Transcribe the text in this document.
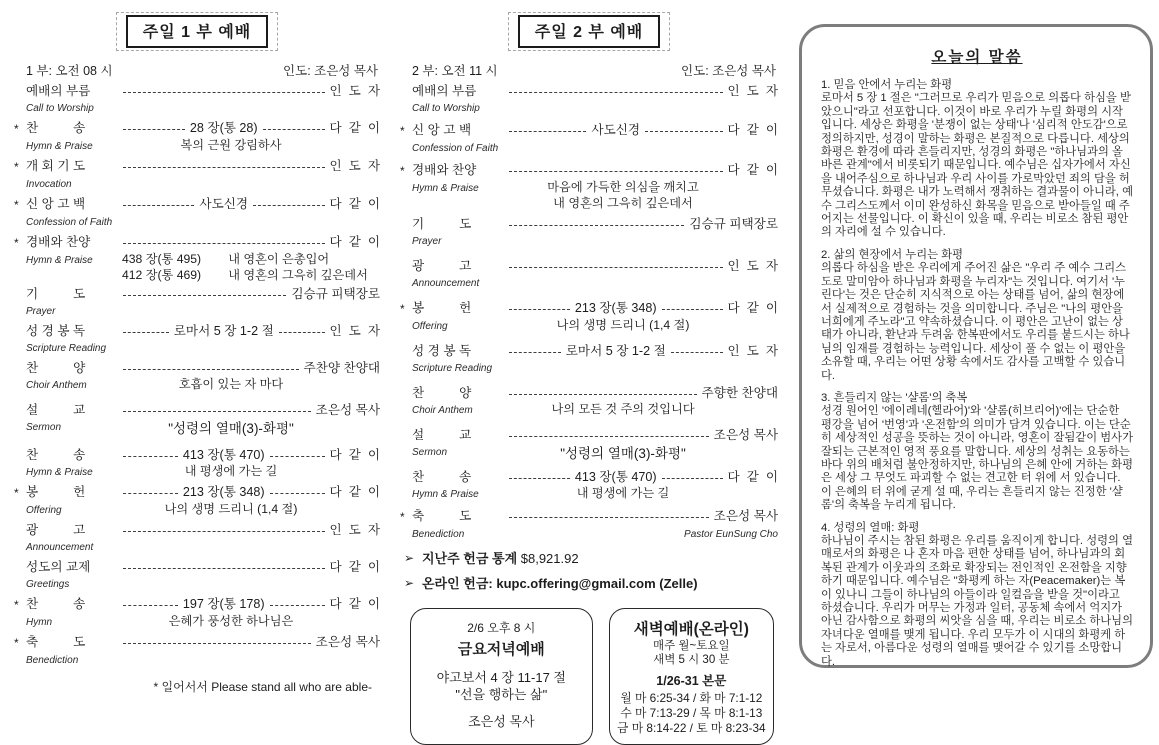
주일 1 부 예배
1 부: 오전 08 시	인도: 조은성 목사
예배의 부름	인  도  자
Call to Worship
* 찬          송	28 장(통 28)	다  같  이
Hymn & Praise	복의 근원 강림하사
* 개 회 기 도	인  도  자
Invocation
* 신 앙 고 백	사도신경	다  같  이
Confession of Faith
* 경배와 찬양	다  같  이
Hymn & Praise	438 장(통 495)        내 영혼이 은총입어
412 장(통 469)        내 영혼의 그윽히 깊은데서
기          도	김승규 피택장로
Prayer
성 경 봉 독	로마서 5 장 1-2 절	인  도  자
Scripture Reading
찬          양	주찬양 찬양대
Choir Anthem	호흡이 있는 자 마다
설          교	조은성 목사
Sermon	"성령의 열매(3)-화평"
찬          송	413 장(통 470)	다  같  이
Hymn & Praise	내 평생에 가는 길
* 봉          헌	213 장(통 348)	다  같  이
Offering	나의 생명 드리니 (1,4 절)
광          고	인  도  자
Announcement
성도의 교제	다  같  이
Greetings
* 찬          송	197 장(통 178)	다  같  이
Hymn	은혜가 풍성한 하나님은
* 축          도	조은성 목사
Benediction
* 일어서서 Please stand all who are able-
주일 2 부 예배
2 부: 오전 11 시	인도: 조은성 목사
예배의 부름	인  도  자
Call to Worship
* 신 앙 고 백	사도신경	다  같  이
Confession of Faith
* 경배와 찬양	다  같  이
Hymn & Praise	마음에 가득한 의심을 깨치고
내 영혼의 그윽히 깊은데서
기          도	김승규 피택장로
Prayer
광          고	인  도  자
Announcement
* 봉          헌	213 장(통 348)	다  같  이
Offering	나의 생명 드리니 (1,4 절)
성 경 봉 독	로마서 5 장 1-2 절	인  도  자
Scripture Reading
찬          양	주향한 찬양대
Choir Anthem	나의 모든 것 주의 것입니다
설          교	조은성 목사
Sermon	"성령의 열매(3)-화평"
찬          송	413 장(통 470)	다  같  이
Hymn & Praise	내 평생에 가는 길
* 축          도	조은성 목사
Benediction	Pastor EunSung Cho
➢ 지난주 헌금 통계 $8,921.92
➢ 온라인 헌금: kupc.offering@gmail.com (Zelle)
2/6 오후 8 시
금요저녁예배
야고보서 4 장 11-17 절
"선을 행하는 삶"
조은성 목사
새벽예배(온라인)
매주 월~토요일
새벽 5 시 30 분
1/26-31 본문
월 마 6:25-34 / 화 마 7:1-12
수 마 7:13-29 / 목 마 8:1-13
금 마 8:14-22 / 토 마 8:23-34
오늘의 말씀
1. 믿음 안에서 누리는 화평
로마서 5 장 1 절은 "그러므로 우리가 믿음으로 의롭다 하심을 받았으니"라고 선포합니다. 이것이 바로 우리가 누릴 화평의 시작입니다. 세상은 화평을 '분쟁이 없는 상태'나 '심리적 안도감'으로 정의하지만, 성경이 말하는 화평은 본질적으로 다릅니다. 세상의 화평은 환경에 따라 흔들리지만, 성경의 화평은 "하나님과의 올바른 관계"에서 비롯되기 때문입니다. 예수님은 십자가에서 자신을 내어주심으로 하나님과 우리 사이를 가로막았던 죄의 담을 허무셨습니다. 화평은 내가 노력해서 쟁취하는 결과물이 아니라, 예수 그리스도께서 이미 완성하신 화목을 믿음으로 받아들일 때 주어지는 선물입니다. 이 확신이 있을 때, 우리는 비로소 참된 평안의 자리에 설 수 있습니다.
2. 삶의 현장에서 누리는 화평
의롭다 하심을 받은 우리에게 주어진 삶은 "우리 주 예수 그리스도로 말미암아 하나님과 화평을 누리자"는 것입니다. 여기서 '누린다'는 것은 단순히 지식적으로 아는 상태를 넘어, 삶의 현장에서 실제적으로 경험하는 것을 의미합니다. 주님은 "나의 평안을 너희에게 주노라"고 약속하셨습니다. 이 평안은 고난이 없는 상태가 아니라, 환난과 두려움 한복판에서도 우리를 붙드시는 하나님의 임재를 경험하는 능력입니다. 세상이 풀 수 없는 이 평안을 소유할 때, 우리는 어떤 상황 속에서도 감사를 고백할 수 있습니다.
3. 흔들리지 않는 '샬롬'의 축복
성경 원어인 '에이레네(헬라어)'와 '샬롬(히브리어)'에는 단순한 평강을 넘어 '번영'과 '온전함'의 의미가 담겨 있습니다. 이는 단순히 세상적인 성공을 뜻하는 것이 아니라, 영혼이 잘됨같이 범사가 잘되는 근본적인 영적 풍요를 말합니다. 세상의 성취는 요동하는 바다 위의 배처럼 불안정하지만, 하나님의 은혜 안에 거하는 화평은 세상 그 무엇도 파괴할 수 없는 견고한 터 위에 서 있습니다. 이 은혜의 터 위에 굳게 설 때, 우리는 흔들리지 않는 진정한 '샬롬'의 축복을 누리게 됩니다.
4. 성령의 열매: 화평
하나님이 주시는 참된 화평은 우리를 움직이게 합니다. 성령의 열매로서의 화평은 나 혼자 마음 편한 상태를 넘어, 하나님과의 회복된 관계가 이웃과의 조화로 확장되는 전인적인 온전함을 지향하기 때문입니다. 예수님은 "화평케 하는 자(Peacemaker)는 복이 있나니 그들이 하나님의 아들이라 일컬음을 받을 것"이라고 하셨습니다. 우리가 머무는 가정과 일터, 공동체 속에서 억지가 아닌 감사함으로 화평의 씨앗을 심을 때, 우리는 비로소 하나님의 자녀다운 열매를 맺게 됩니다. 우리 모두가 이 시대의 화평케 하는 자로서, 아름다운 성령의 열매를 맺어갈 수 있기를 소망합니다.
